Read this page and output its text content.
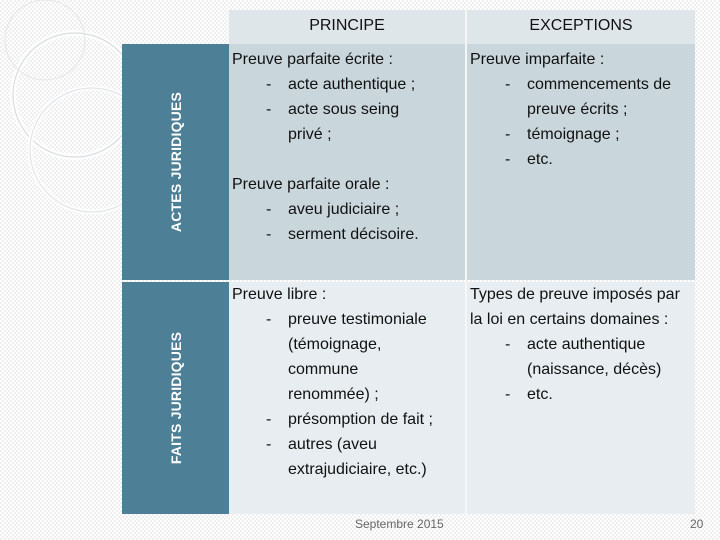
PRINCIPE	EXCEPTIONS
ACTES JURIDIQUES
Preuve parfaite écrite :
- acte authentique ;
- acte sous seing privé ;
Preuve parfaite orale :
- aveu judiciaire ;
- serment décisoire.
Preuve imparfaite :
- commencements de preuve écrits ;
- témoignage ;
- etc.
FAITS JURIDIQUES
Preuve libre :
- preuve testimoniale (témoignage, commune renommée) ;
- présomption de fait ;
- autres (aveu extrajudiciaire, etc.)
Types de preuve imposés par la loi en certains domaines :
- acte authentique (naissance, décès)
- etc.
Septembre 2015	20
